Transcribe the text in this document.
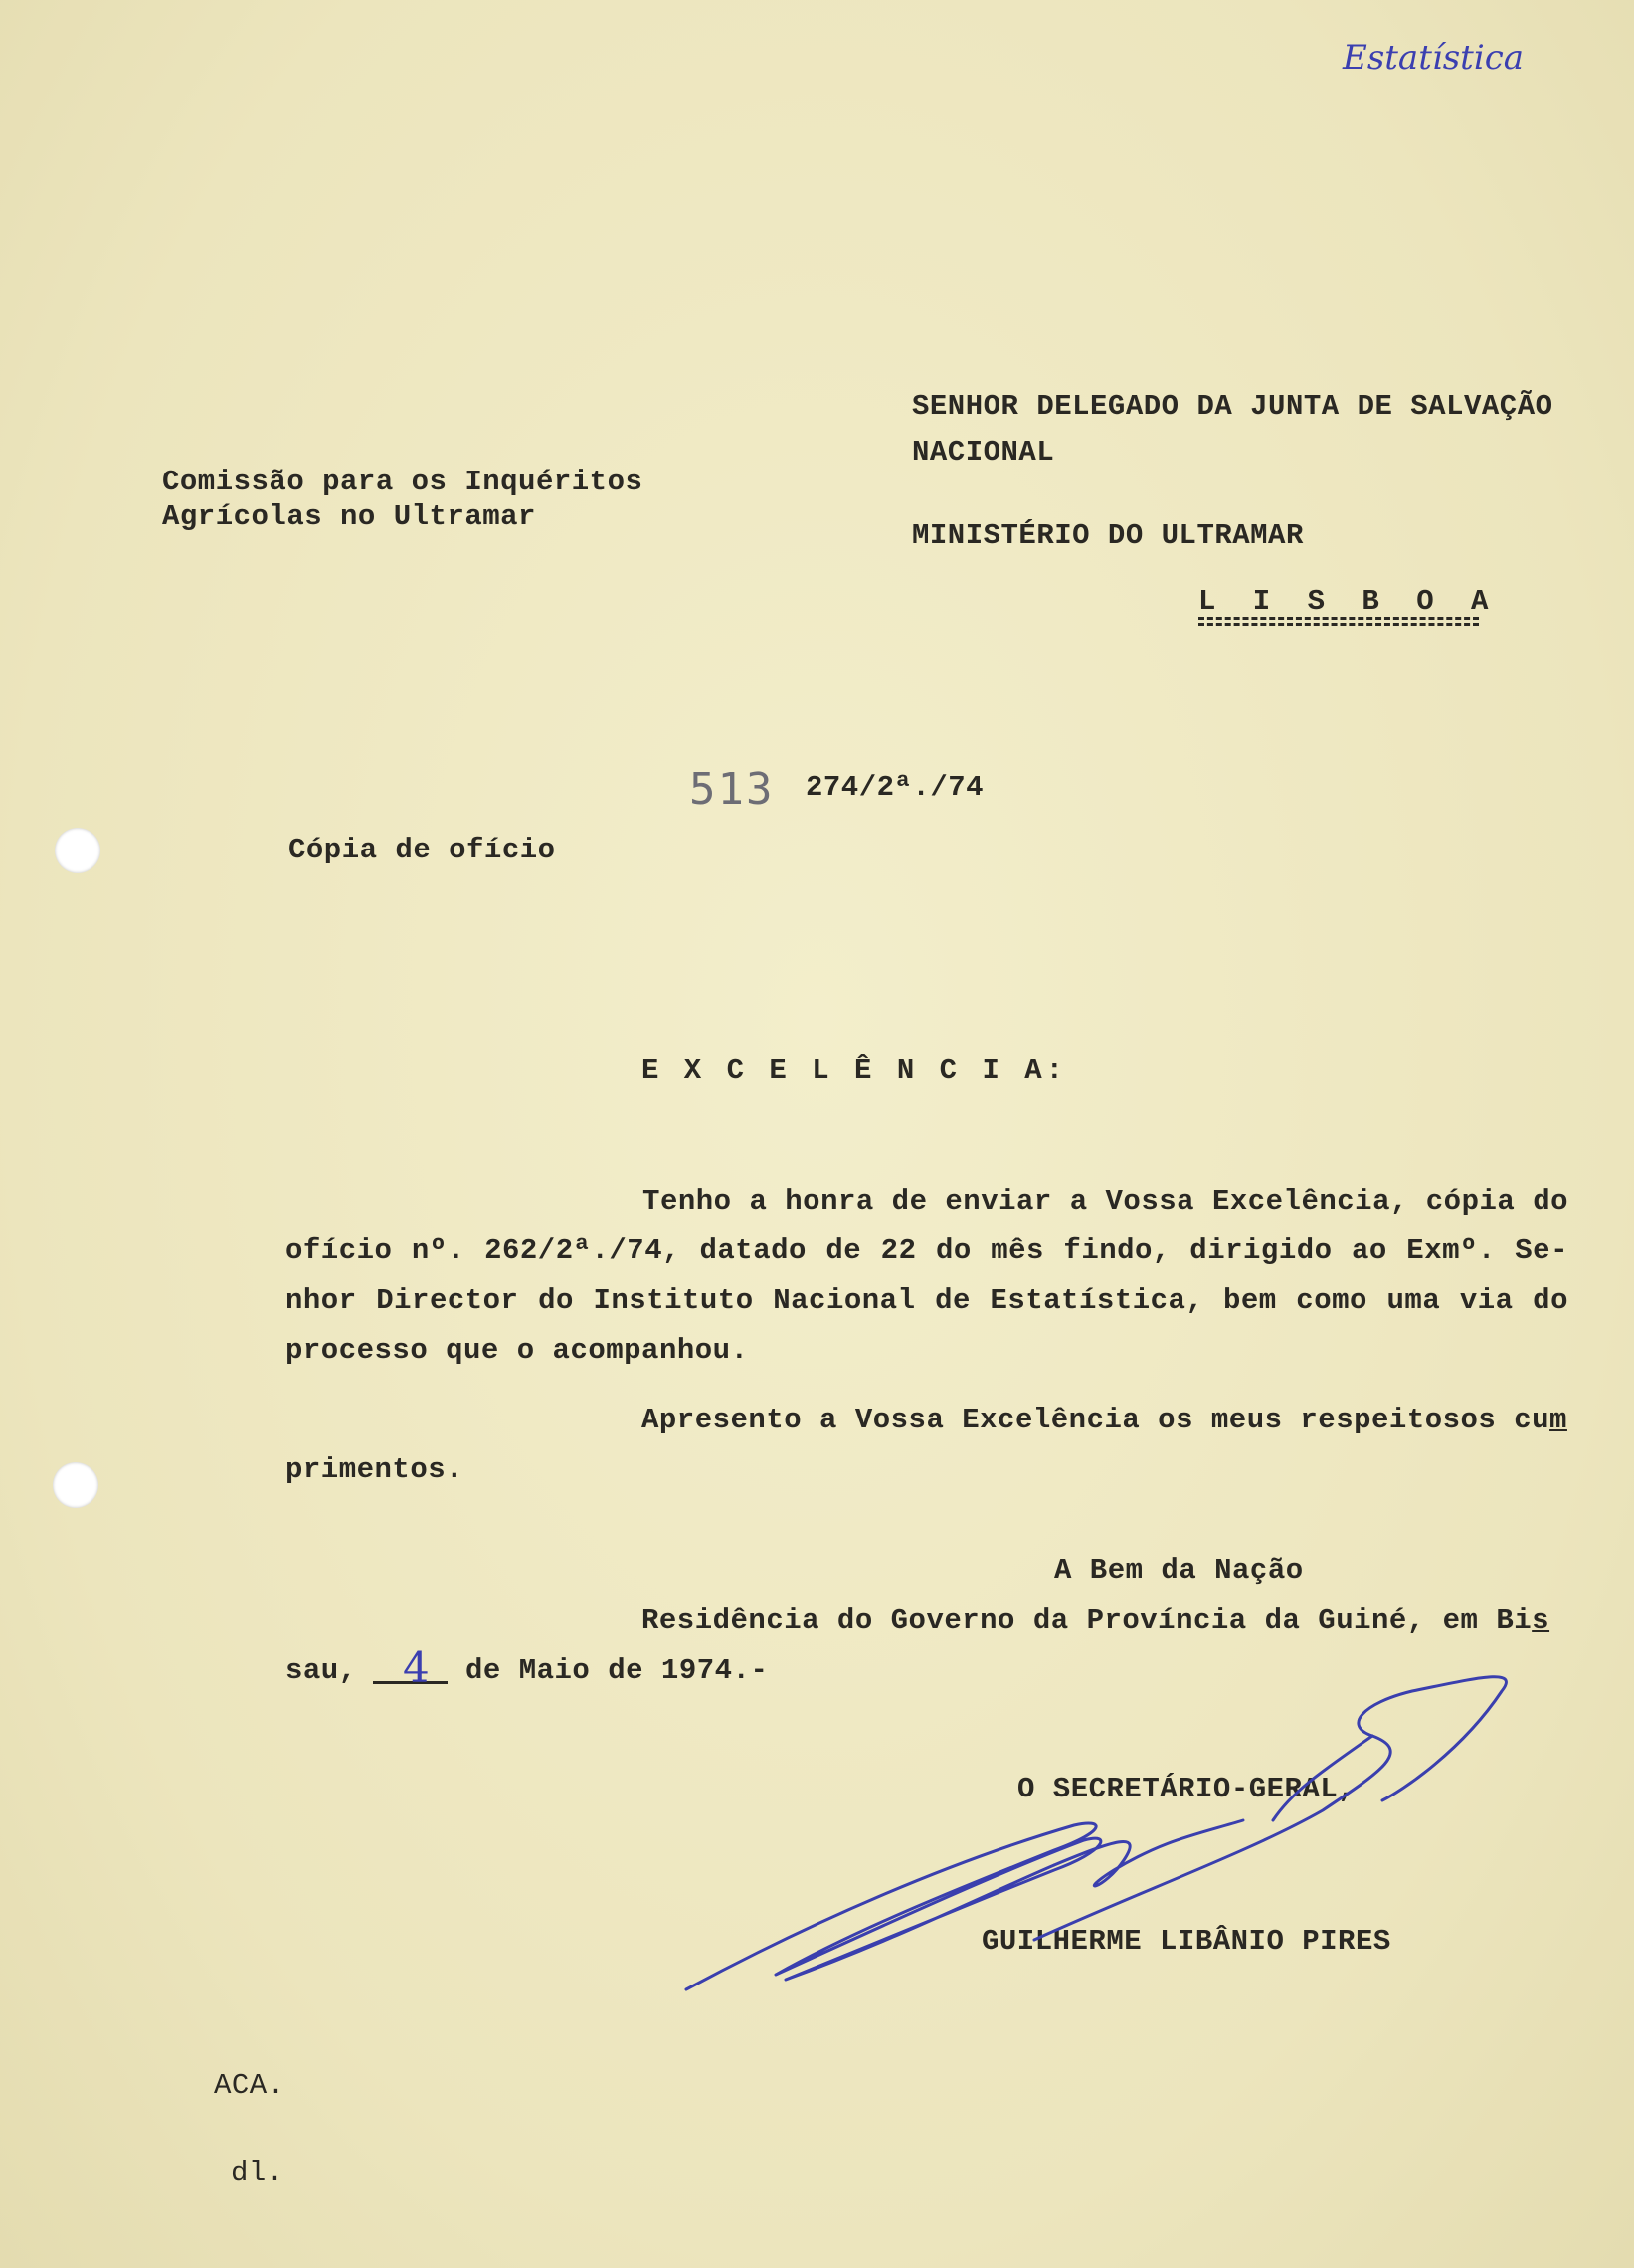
Estatística
Comissão para os Inquéritos
Agrícolas no Ultramar
SENHOR DELEGADO DA JUNTA DE SALVAÇÃO
NACIONAL
MINISTÉRIO DO ULTRAMAR
L I S B O A
513 274/2ª./74
Cópia de ofício
E X C E L Ê N C I A:
Tenho a honra de enviar a Vossa Excelência, cópia do
ofício nº. 262/2ª./74, datado de 22 do mês findo, dirigido ao Exmº. Se-
nhor Director do Instituto Nacional de Estatística, bem como uma via do
processo que o acompanhou.
Apresento a Vossa Excelência os meus respeitosos cum
primentos.
A Bem da Nação
Residência do Governo da Província da Guiné, em Bis
sau, 4 de Maio de 1974.-
O SECRETÁRIO-GERAL,
GUILHERME LIBÂNIO PIRES
ACA.
dl.
